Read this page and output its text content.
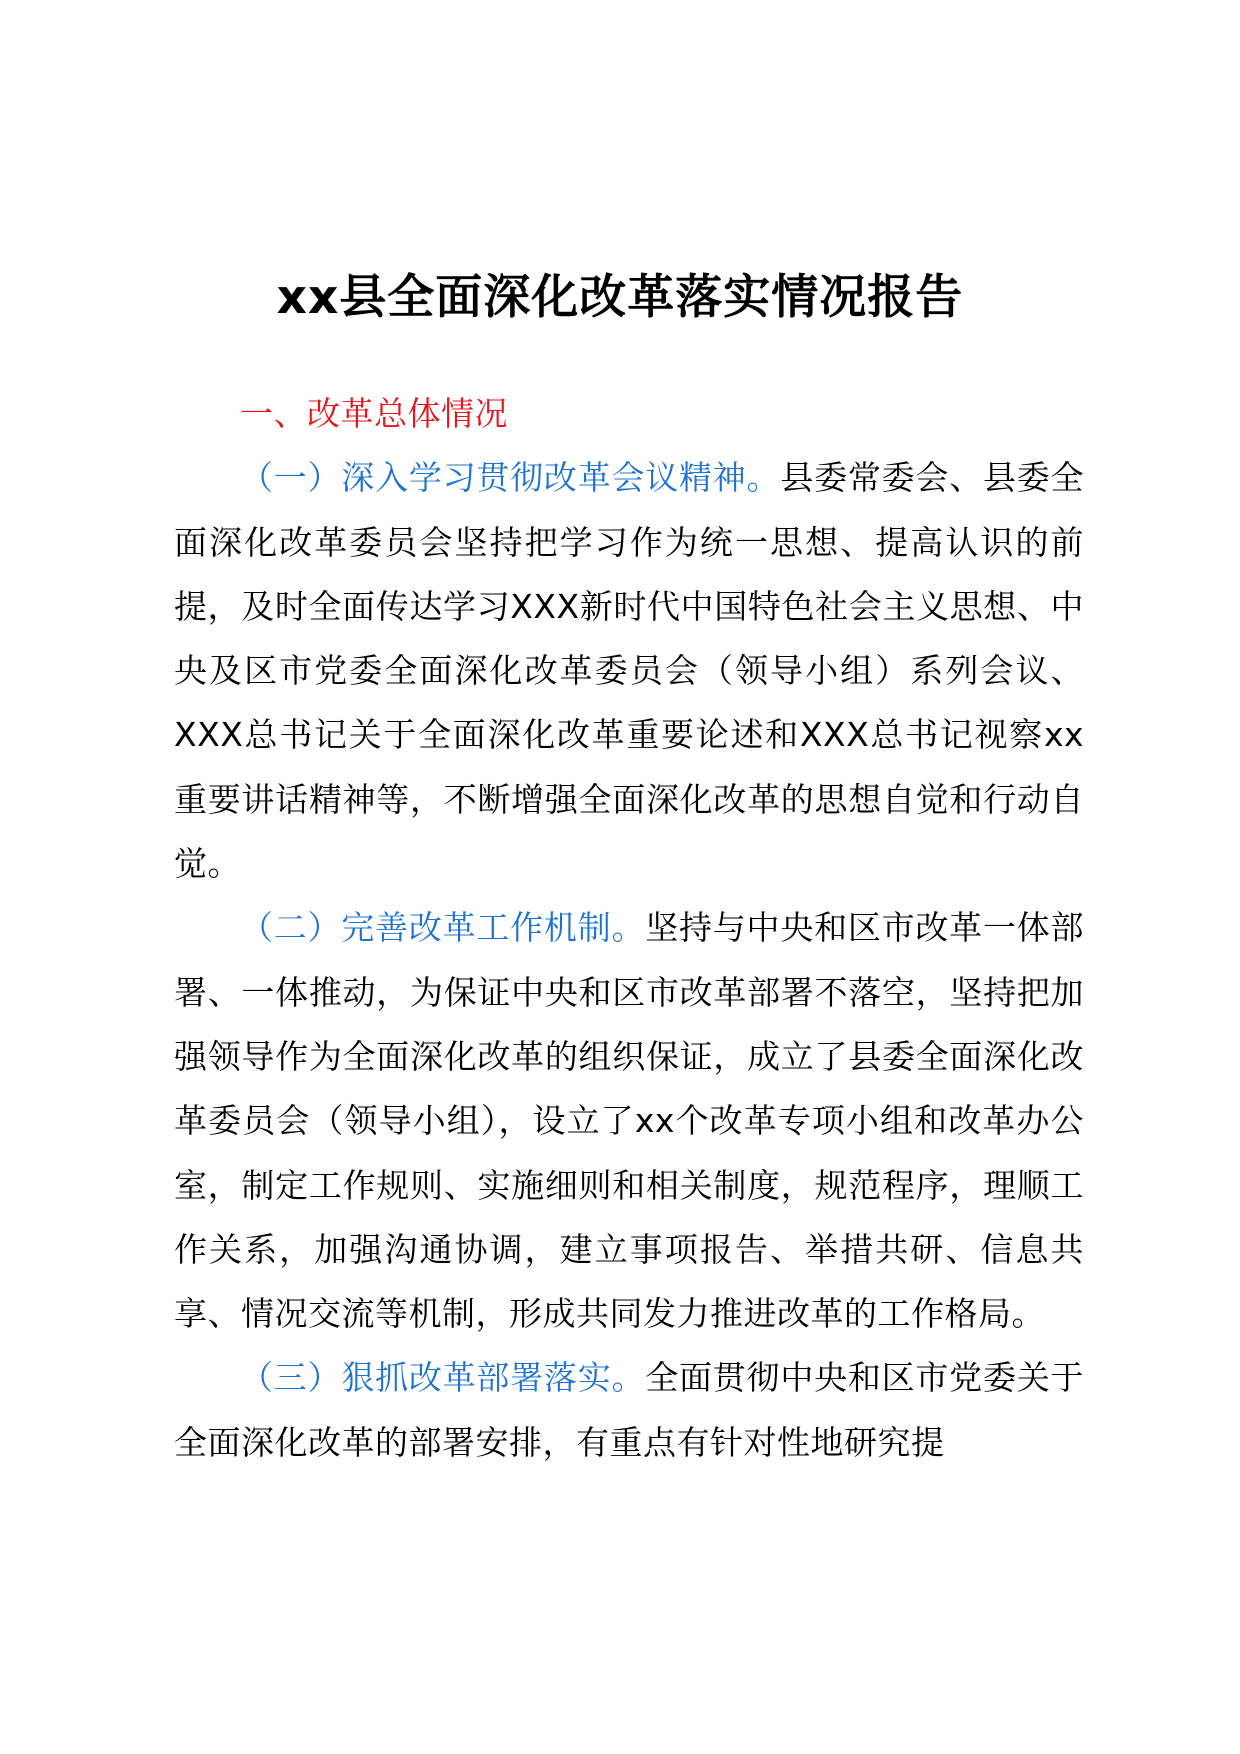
xx县全面深化改革落实情况报告

一、改革总体情况

（一）深入学习贯彻改革会议精神。县委常委会、县委全面深化改革委员会坚持把学习作为统一思想、提高认识的前提，及时全面传达学习XXX新时代中国特色社会主义思想、中央及区市党委全面深化改革委员会（领导小组）系列会议、XXX总书记关于全面深化改革重要论述和XXX总书记视察xx重要讲话精神等，不断增强全面深化改革的思想自觉和行动自觉。

（二）完善改革工作机制。坚持与中央和区市改革一体部署、一体推动，为保证中央和区市改革部署不落空，坚持把加强领导作为全面深化改革的组织保证，成立了县委全面深化改革委员会（领导小组），设立了xx个改革专项小组和改革办公室，制定工作规则、实施细则和相关制度，规范程序，理顺工作关系，加强沟通协调，建立事项报告、举措共研、信息共享、情况交流等机制，形成共同发力推进改革的工作格局。

（三）狠抓改革部署落实。全面贯彻中央和区市党委关于全面深化改革的部署安排，有重点有针对性地研究提
